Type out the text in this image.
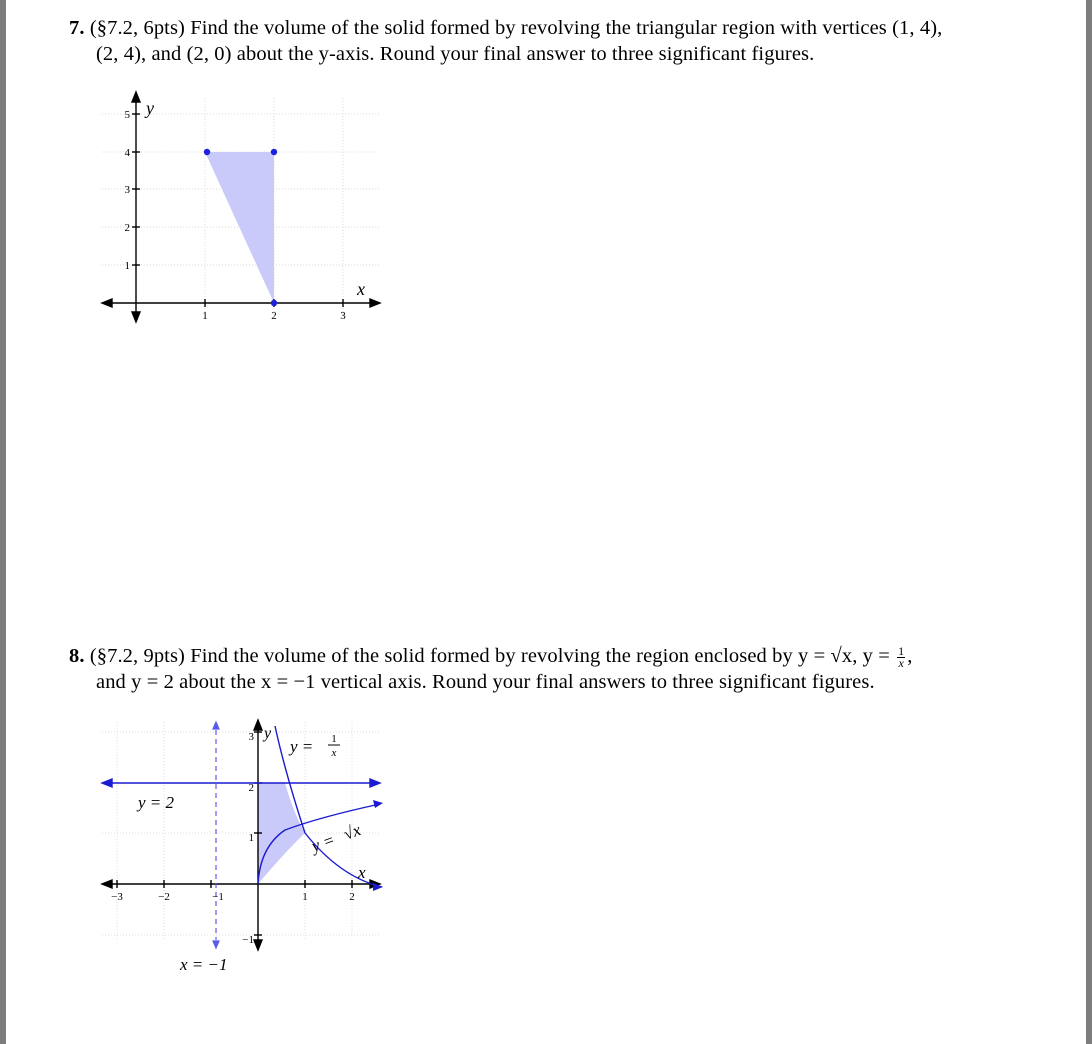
7. (§7.2, 6pts) Find the volume of the solid formed by revolving the triangular region with vertices (1, 4),
(2, 4), and (2, 0) about the y-axis. Round your final answer to three significant figures.
5
4
3
2
1
1	2	3
y
x
8. (§7.2, 9pts) Find the volume of the solid formed by revolving the region enclosed by y = √x, $y = \frac{1}{x}$ ,
and y = 2 about the x = −1 vertical axis. Round your final answers to three significant figures.
−3	−2	−1	1	2
3
2
1
−1
y
x
y = 2
y = 1
x
y = √x
x = −1
